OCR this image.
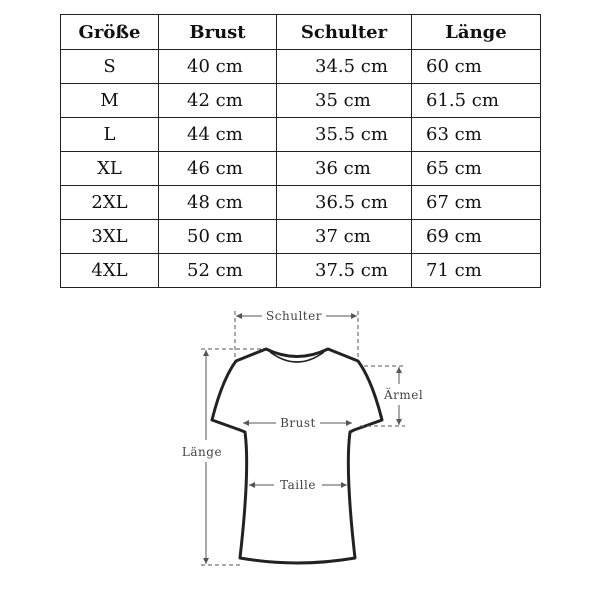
Größe	Brust	Schulter	Länge
S	40 cm	34.5 cm	60 cm
M	42 cm	35 cm	61.5 cm
L	44 cm	35.5 cm	63 cm
XL	46 cm	36 cm	65 cm
2XL	48 cm	36.5 cm	67 cm
3XL	50 cm	37 cm	69 cm
4XL	52 cm	37.5 cm	71 cm
Schulter
Ärmel
Brust
Taille
Länge
